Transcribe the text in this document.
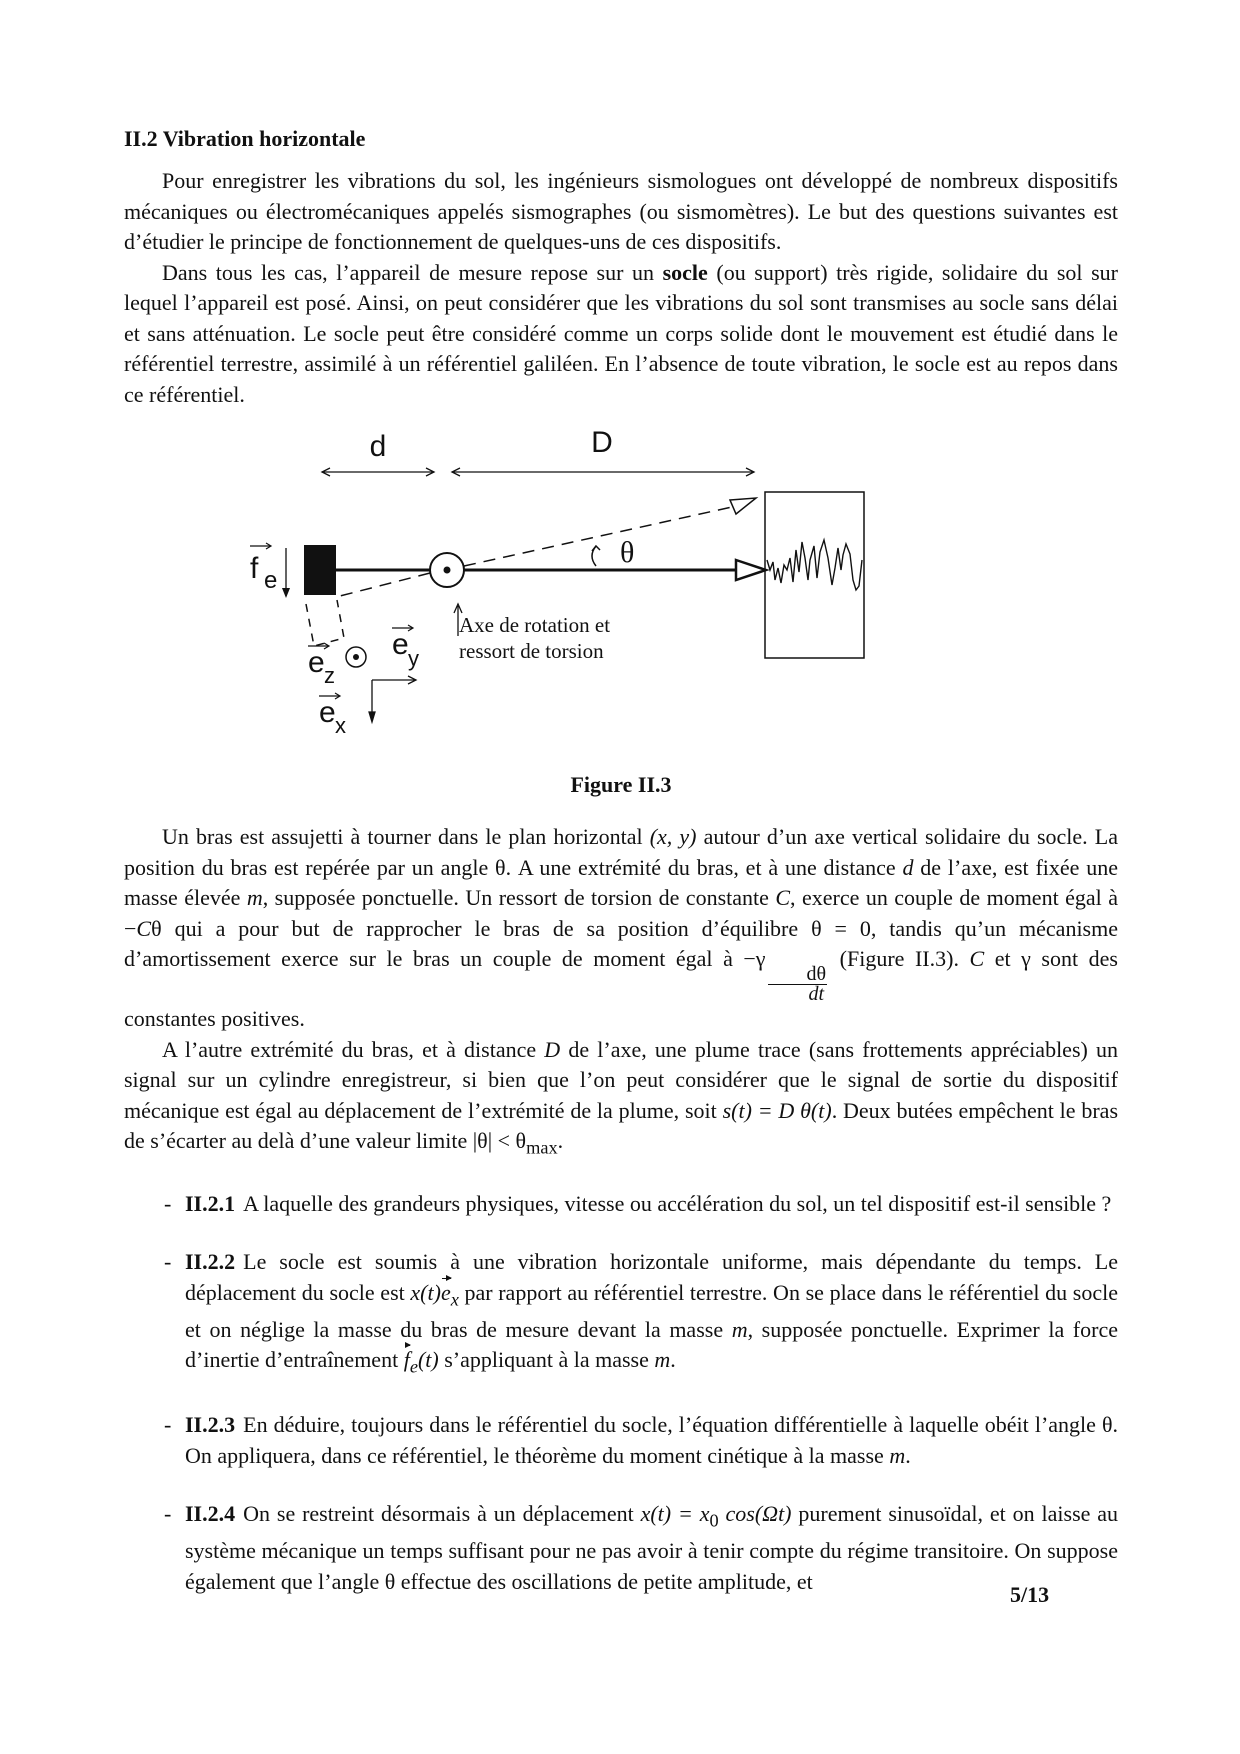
II.2 Vibration horizontale

Pour enregistrer les vibrations du sol, les ingénieurs sismologues ont développé de nombreux dispositifs mécaniques ou électromécaniques appelés sismographes (ou sismomètres). Le but des questions suivantes est d’étudier le principe de fonctionnement de quelques-uns de ces dispositifs.

Dans tous les cas, l’appareil de mesure repose sur un socle (ou support) très rigide, solidaire du sol sur lequel l’appareil est posé. Ainsi, on peut considérer que les vibrations du sol sont transmises au socle sans délai et sans atténuation. Le socle peut être considéré comme un corps solide dont le mouvement est étudié dans le référentiel terrestre, assimilé à un référentiel galiléen. En l’absence de toute vibration, le socle est au repos dans ce référentiel.

d	D
θ
f e
Axe de rotation et
ressort de torsion
e z
e y
e x
Figure II.3

Un bras est assujetti à tourner dans le plan horizontal (x, y) autour d’un axe vertical solidaire du socle. La position du bras est repérée par un angle θ. A une extrémité du bras, et à une distance d de l’axe, est fixée une masse élevée m, supposée ponctuelle. Un ressort de torsion de constante C, exerce un couple de moment égal à −Cθ qui a pour but de rapprocher le bras de sa position d’équilibre θ = 0, tandis qu’un mécanisme d’amortissement exerce sur le bras un couple de moment égal à −γ
$\frac{d\theta}{dt}$
(Figure II.3). C et γ sont des constantes positives.

A l’autre extrémité du bras, et à distance D de l’axe, une plume trace (sans frottements appréciables) un signal sur un cylindre enregistreur, si bien que l’on peut considérer que le signal de sortie du dispositif mécanique est égal au déplacement de l’extrémité de la plume, soit s(t) = D θ(t). Deux butées empêchent le bras de s’écarter au delà d’une valeur limite $|\theta| < \theta_{max}$.

- II.2.1 A laquelle des grandeurs physiques, vitesse ou accélération du sol, un tel dispositif est-il sensible ?
- II.2.2 Le socle est soumis à une vibration horizontale uniforme, mais dépendante du temps. Le déplacement du socle est $x(t)e_x$ par rapport au référentiel terrestre. On se place dans le référentiel du socle et on néglige la masse du bras de mesure devant la masse m, supposée ponctuelle. Exprimer la force d’inertie d’entraînement $f_e(t)$ s’appliquant à la masse m.
- II.2.3 En déduire, toujours dans le référentiel du socle, l’équation différentielle à laquelle obéit l’angle θ. On appliquera, dans ce référentiel, le théorème du moment cinétique à la masse m.
- II.2.4 On se restreint désormais à un déplacement $x(t) = x_0$ cos(Ωt) purement sinusoïdal, et on laisse au système mécanique un temps suffisant pour ne pas avoir à tenir compte du régime transitoire. On suppose également que l’angle θ effectue des oscillations de petite amplitude, et
5/13
